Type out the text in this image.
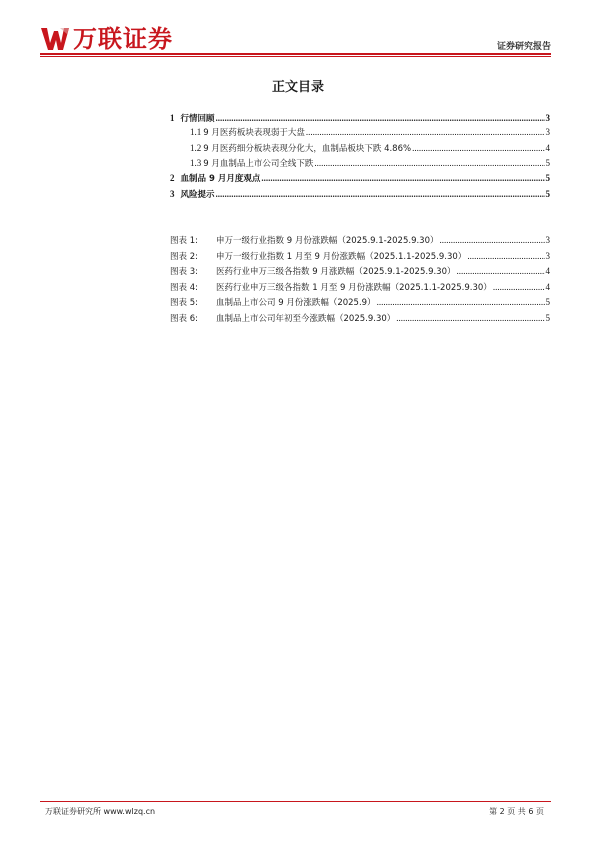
万联证券	证券研究报告
正文目录
1 行情回顾 .....	3
1.1 9 月医药板块表现弱于大盘 .....	3
1.2 9 月医药细分板块表现分化大，血制品板块下跌 4.86% .....	4
1.3 9 月血制品上市公司全线下跌 .....	5
2 血制品 9 月月度观点 .....	5
3 风险提示 .....	5
图表 1:	申万一级行业指数 9 月份涨跌幅（2025.9.1-2025.9.30） .....	3
图表 2:	申万一级行业指数 1 月至 9 月份涨跌幅（2025.1.1-2025.9.30） .....	3
图表 3:	医药行业申万三级各指数 9 月涨跌幅（2025.9.1-2025.9.30） .....	4
图表 4:	医药行业申万三级各指数 1 月至 9 月份涨跌幅（2025.1.1-2025.9.30） .....	4
图表 5:	血制品上市公司 9 月份涨跌幅（2025.9） .....	5
图表 6:	血制品上市公司年初至今涨跌幅（2025.9.30） .....	5
万联证券研究所 www.wlzq.cn	第 2 页 共 6 页
